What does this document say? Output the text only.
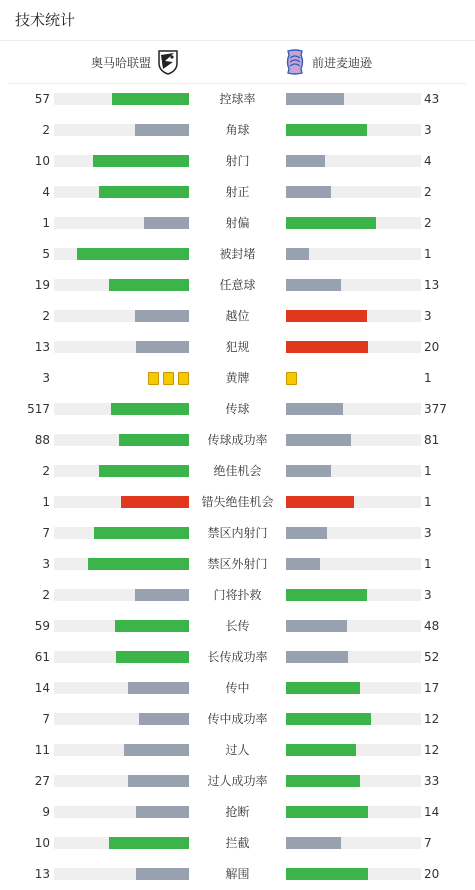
技术统计
奥马哈联盟	前进麦迪逊
57	控球率	43
2	角球	3
10	射门	4
4	射正	2
1	射偏	2
5	被封堵	1
19	任意球	13
2	越位	3
13	犯规	20
3	黄牌	1
517	传球	377
88	传球成功率	81
2	绝佳机会	1
1	错失绝佳机会	1
7	禁区内射门	3
3	禁区外射门	1
2	门将扑救	3
59	长传	48
61	长传成功率	52
14	传中	17
7	传中成功率	12
11	过人	12
27	过人成功率	33
9	抢断	14
10	拦截	7
13	解围	20
